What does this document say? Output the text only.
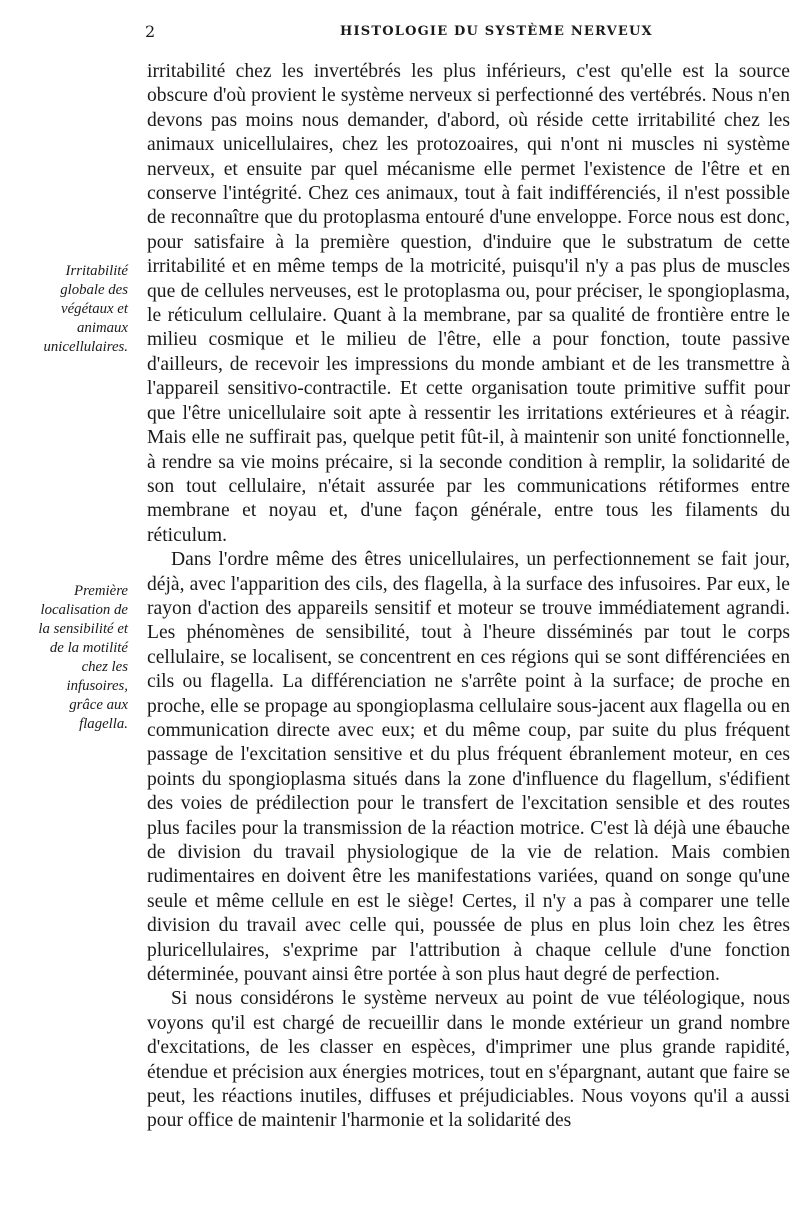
2	HISTOLOGIE DU SYSTÈME NERVEUX
Irritabilité globale des végétaux et animaux unicellulaires.
Première localisation de la sensibilité et de la motilité chez les infusoires, grâce aux flagella.

irritabilité chez les invertébrés les plus inférieurs, c'est qu'elle est la source obscure d'où provient le système nerveux si perfectionné des vertébrés. Nous n'en devons pas moins nous demander, d'abord, où réside cette irritabilité chez les animaux unicellulaires, chez les protozoaires, qui n'ont ni muscles ni système nerveux, et ensuite par quel mécanisme elle permet l'existence de l'être et en conserve l'intégrité. Chez ces animaux, tout à fait indifférenciés, il n'est possible de reconnaître que du protoplasma entouré d'une enveloppe. Force nous est donc, pour satisfaire à la première question, d'induire que le substratum de cette irritabilité et en même temps de la motricité, puisqu'il n'y a pas plus de muscles que de cellules nerveuses, est le protoplasma ou, pour préciser, le spongioplasma, le réticulum cellulaire. Quant à la membrane, par sa qualité de frontière entre le milieu cosmique et le milieu de l'être, elle a pour fonction, toute passive d'ailleurs, de recevoir les impressions du monde ambiant et de les transmettre à l'appareil sensitivo-contractile. Et cette organisation toute primitive suffit pour que l'être unicellulaire soit apte à ressentir les irritations extérieures et à réagir. Mais elle ne suffirait pas, quelque petit fût-il, à maintenir son unité fonctionnelle, à rendre sa vie moins précaire, si la seconde condition à remplir, la solidarité de son tout cellulaire, n'était assurée par les communications rétiformes entre membrane et noyau et, d'une façon générale, entre tous les filaments du réticulum.

Dans l'ordre même des êtres unicellulaires, un perfectionnement se fait jour, déjà, avec l'apparition des cils, des flagella, à la surface des infusoires. Par eux, le rayon d'action des appareils sensitif et moteur se trouve immédiatement agrandi. Les phénomènes de sensibilité, tout à l'heure disséminés par tout le corps cellulaire, se localisent, se concentrent en ces régions qui se sont différenciées en cils ou flagella. La différenciation ne s'arrête point à la surface; de proche en proche, elle se propage au spongioplasma cellulaire sous-jacent aux flagella ou en communication directe avec eux; et du même coup, par suite du plus fréquent passage de l'excitation sensitive et du plus fréquent ébranlement moteur, en ces points du spongioplasma situés dans la zone d'influence du flagellum, s'édifient des voies de prédilection pour le transfert de l'excitation sensible et des routes plus faciles pour la transmission de la réaction motrice. C'est là déjà une ébauche de division du travail physiologique de la vie de relation. Mais combien rudimentaires en doivent être les manifestations variées, quand on songe qu'une seule et même cellule en est le siège! Certes, il n'y a pas à comparer une telle division du travail avec celle qui, poussée de plus en plus loin chez les êtres pluricellulaires, s'exprime par l'attribution à chaque cellule d'une fonction déterminée, pouvant ainsi être portée à son plus haut degré de perfection.

Si nous considérons le système nerveux au point de vue téléologique, nous voyons qu'il est chargé de recueillir dans le monde extérieur un grand nombre d'excitations, de les classer en espèces, d'imprimer une plus grande rapidité, étendue et précision aux énergies motrices, tout en s'épargnant, autant que faire se peut, les réactions inutiles, diffuses et préjudiciables. Nous voyons qu'il a aussi pour office de maintenir l'harmonie et la solidarité des
